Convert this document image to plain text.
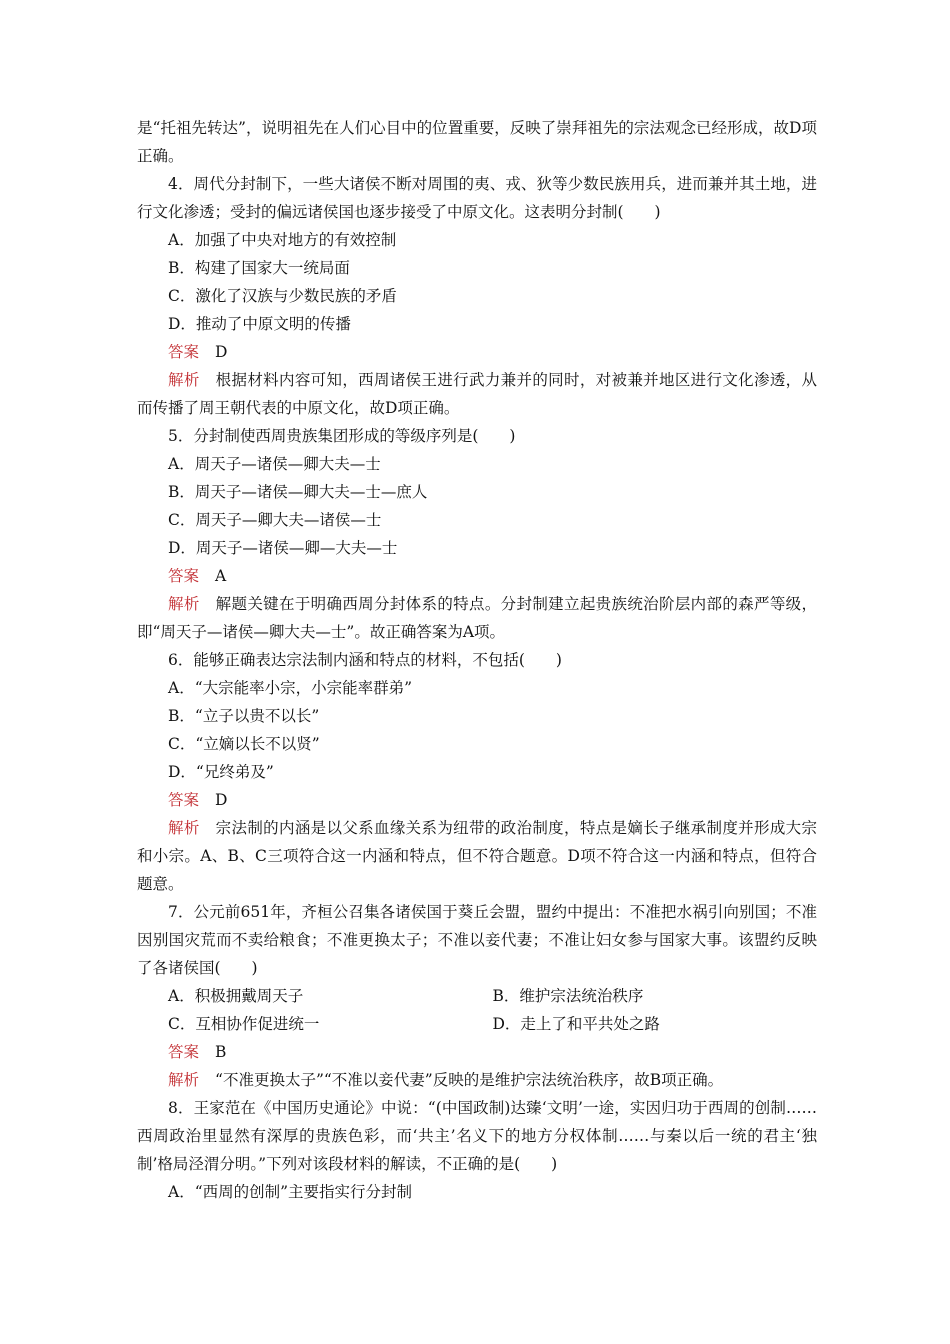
是“托祖先转达”，说明祖先在人们心目中的位置重要，反映了崇拜祖先的宗法观念已经形成，故D项正确。

4．周代分封制下，一些大诸侯不断对周围的夷、戎、狄等少数民族用兵，进而兼并其土地，进行文化渗透；受封的偏远诸侯国也逐步接受了中原文化。这表明分封制(　　)

A．加强了中央对地方的有效控制

B．构建了国家大一统局面

C．激化了汉族与少数民族的矛盾

D．推动了中原文明的传播

答案 D

解析 根据材料内容可知，西周诸侯王进行武力兼并的同时，对被兼并地区进行文化渗透，从而传播了周王朝代表的中原文化，故D项正确。

5．分封制使西周贵族集团形成的等级序列是(　　)

A．周天子—诸侯—卿大夫—士

B．周天子—诸侯—卿大夫—士—庶人

C．周天子—卿大夫—诸侯—士

D．周天子—诸侯—卿—大夫—士

答案 A

解析 解题关键在于明确西周分封体系的特点。分封制建立起贵族统治阶层内部的森严等级，即“周天子—诸侯—卿大夫—士”。故正确答案为A项。

6．能够正确表达宗法制内涵和特点的材料，不包括(　　)

A．“大宗能率小宗，小宗能率群弟”

B．“立子以贵不以长”

C．“立嫡以长不以贤”

D．“兄终弟及”

答案 D

解析 宗法制的内涵是以父系血缘关系为纽带的政治制度，特点是嫡长子继承制度并形成大宗和小宗。A、B、C三项符合这一内涵和特点，但不符合题意。D项不符合这一内涵和特点，但符合题意。

7．公元前651年，齐桓公召集各诸侯国于葵丘会盟，盟约中提出：不准把水祸引向别国；不准因别国灾荒而不卖给粮食；不准更换太子；不准以妾代妻；不准让妇女参与国家大事。该盟约反映了各诸侯国(　　)

A．积极拥戴周天子	B．维护宗法统治秩序
C．互相协作促进统一	D．走上了和平共处之路

答案 B

解析 “不准更换太子”“不准以妾代妻”反映的是维护宗法统治秩序，故B项正确。

8．王家范在《中国历史通论》中说：“(中国政制)达臻‘文明’一途，实因归功于西周的创制……西周政治里显然有深厚的贵族色彩，而‘共主’名义下的地方分权体制……与秦以后一统的君主‘独制’格局泾渭分明。”下列对该段材料的解读，不正确的是(　　)

A．“西周的创制”主要指实行分封制
